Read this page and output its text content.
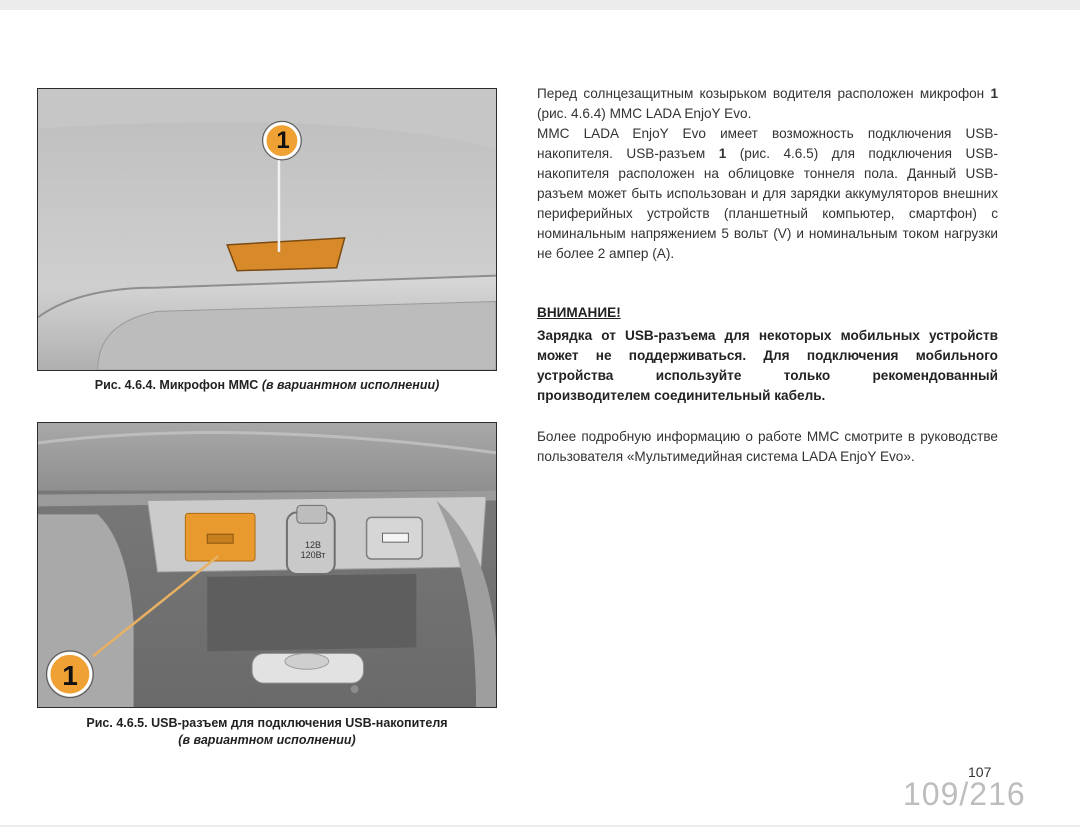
1
Рис. 4.6.4. Микрофон ММС (в вариантном исполнении)
12В
120Вт
1
Рис. 4.6.5. USB-разъем для подключения USB-накопителя
(в вариантном исполнении)

Перед солнцезащитным козырьком водителя расположен микрофон 1 (рис. 4.6.4) ММС LADA EnjoY Evo.

ММС LADA EnjoY Evo имеет возможность подключения USB-накопителя. USB-разъем 1 (рис. 4.6.5) для подключения USB-накопителя расположен на облицовке тоннеля пола. Данный USB-разъем может быть использован и для зарядки аккумуляторов внешних периферийных устройств (планшетный компьютер, смартфон) с номинальным напряжением 5 вольт (V) и номинальным током нагрузки не более 2 ампер (А).

ВНИМАНИЕ!
Зарядка от USB-разъема для некоторых мобильных устройств может не поддерживаться. Для подключения мобильного устройства используйте только рекомендованный производителем соединительный кабель.
Более подробную информацию о работе ММС смотрите в руководстве пользователя «Мультимедийная система LADA EnjoY Evo».
107
109/216
